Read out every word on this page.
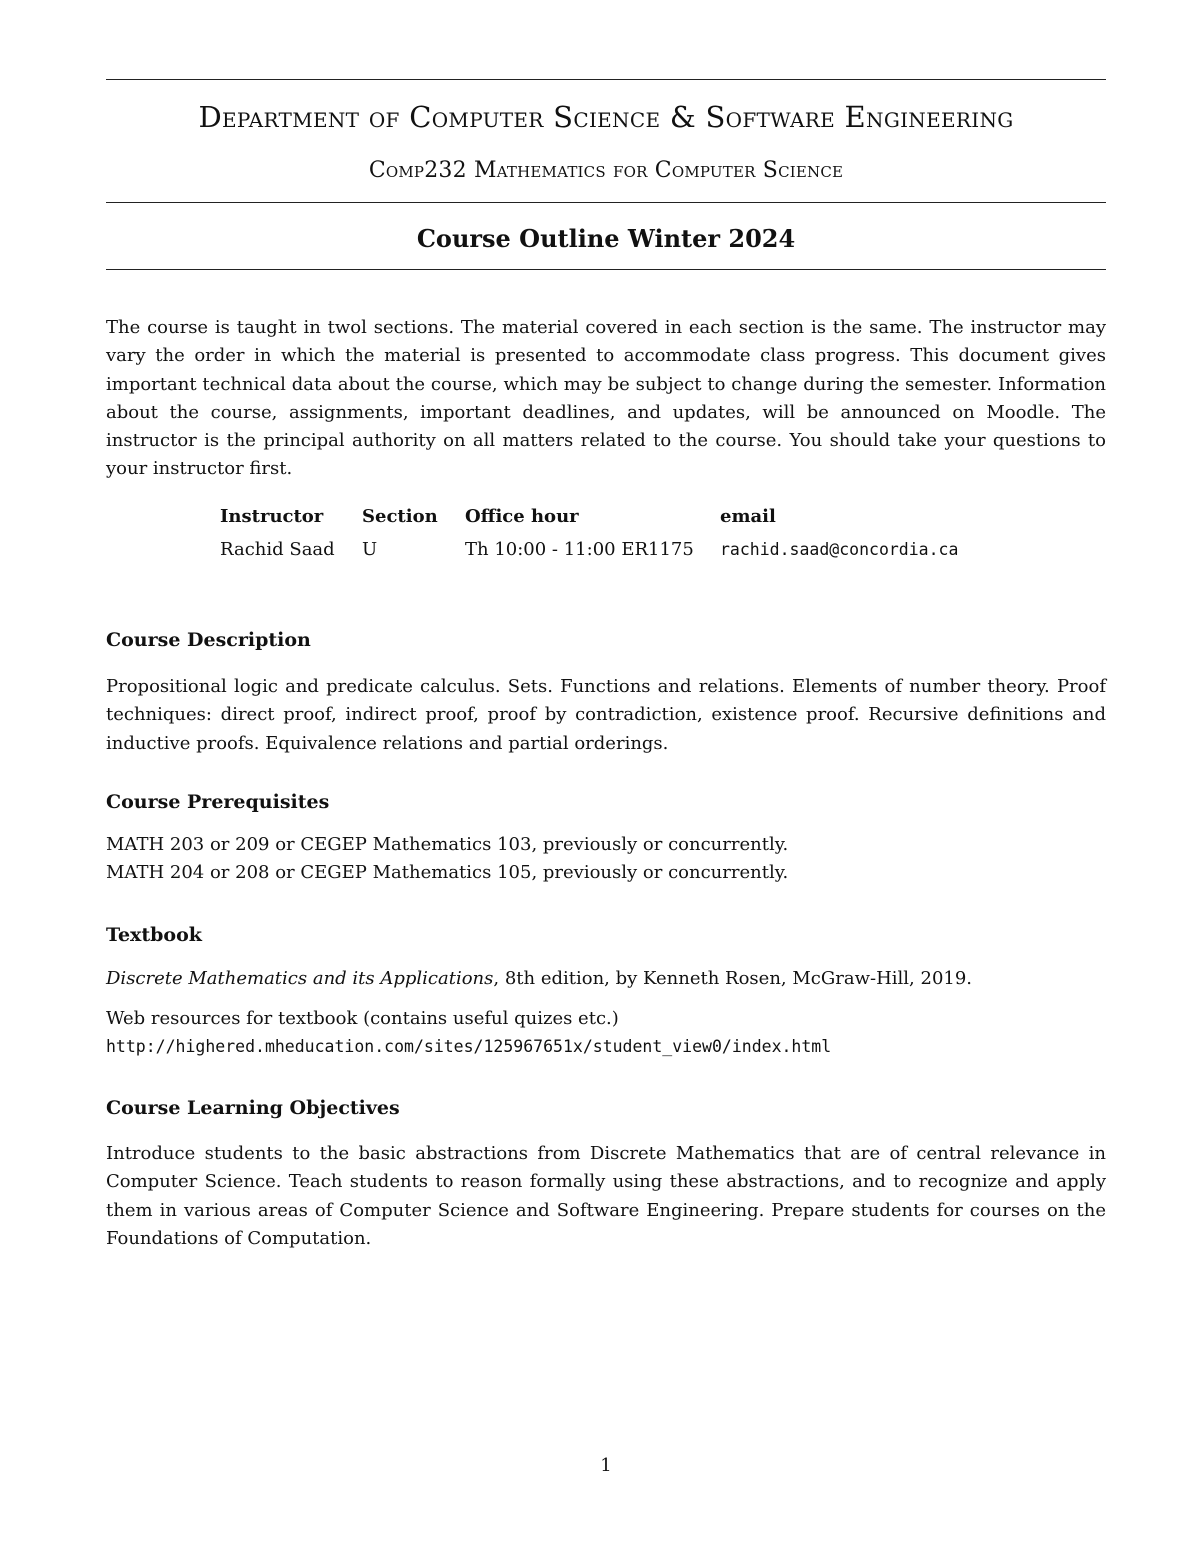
Department of Computer Science & Software Engineering
Comp232 Mathematics for Computer Science
Course Outline Winter 2024
The course is taught in twol sections. The material covered in each section is the same. The instructor may vary the order in which the material is presented to accommodate class progress. This document gives important technical data about the course, which may be subject to change during the semester. Information about the course, assignments, important deadlines, and updates, will be announced on Moodle. The instructor is the principal authority on all matters related to the course. You should take your questions to your instructor first.
Instructor Section Office hour	email
Rachid Saad U	Th 10:00 - 11:00 ER1175 rachid.saad@concordia.ca
Course Description
Propositional logic and predicate calculus. Sets. Functions and relations. Elements of number theory. Proof techniques: direct proof, indirect proof, proof by contradiction, existence proof. Recursive definitions and inductive proofs. Equivalence relations and partial orderings.
Course Prerequisites
MATH 203 or 209 or CEGEP Mathematics 103, previously or concurrently.
MATH 204 or 208 or CEGEP Mathematics 105, previously or concurrently.
Textbook
Discrete Mathematics and its Applications, 8th edition, by Kenneth Rosen, McGraw-Hill, 2019.
Web resources for textbook (contains useful quizes etc.)
http://highered.mheducation.com/sites/125967651x/student_view0/index.html
Course Learning Objectives
Introduce students to the basic abstractions from Discrete Mathematics that are of central relevance in Computer Science. Teach students to reason formally using these abstractions, and to recognize and apply them in various areas of Computer Science and Software Engineering. Prepare students for courses on the Foundations of Computation.
1
